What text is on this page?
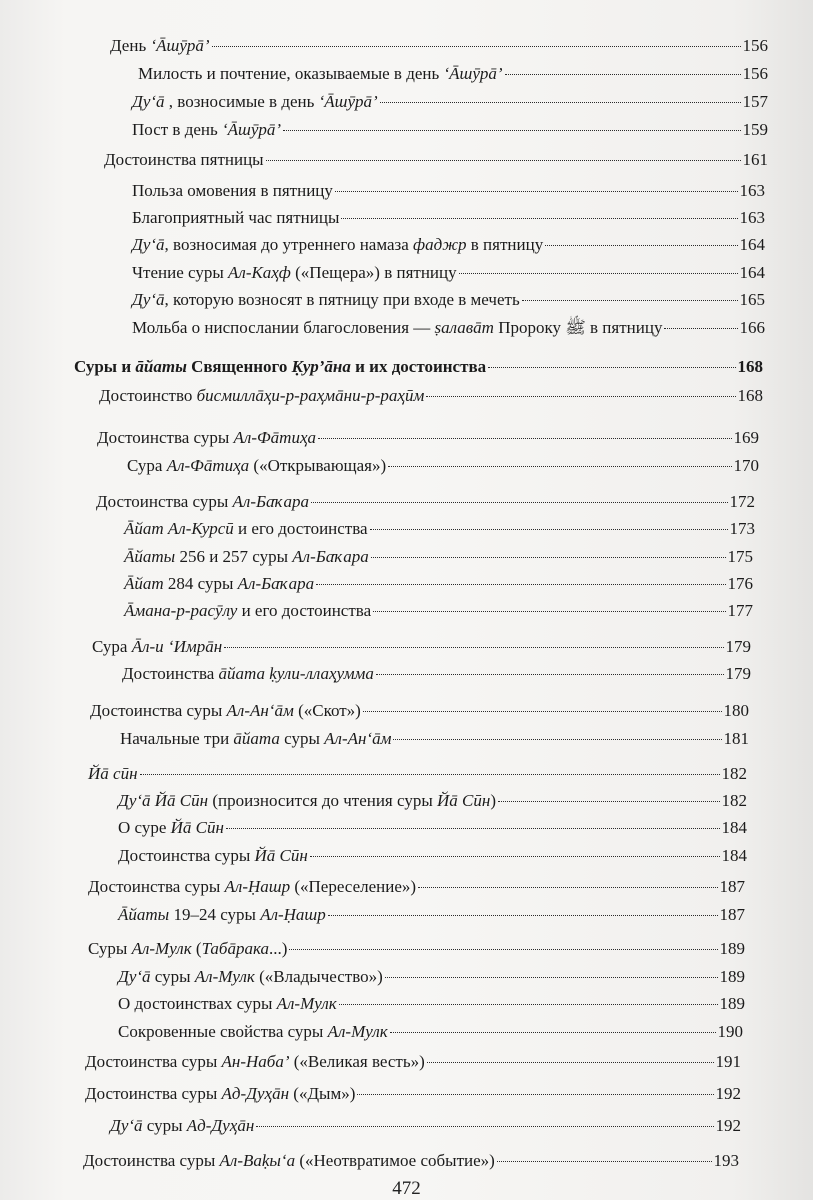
День ʻĀшӯрā’	156
Милость и почтение, оказываемые в день ʻĀшӯрā’	156
Дуʻā , возносимые в день ʻĀшӯрā’	157
Пост в день ʻĀшӯрā’	159
Достоинства пятницы	161
Польза омовения в пятницу	163
Благоприятный час пятницы	163
Дуʻā, возносимая до утреннего намаза фаджр в пятницу	164
Чтение суры Ал-Каҳф («Пещера») в пятницу	164
Дуʻā, которую возносят в пятницу при входе в мечеть	165
Мольба о ниспослании благословения — ṣалавāт Пророку ﷺ в пятницу	166
Суры и āйаты Священного Ḳур’āна и их достоинства	168
Достоинство бисмиллāҳи-р-раҳмāни-р-раҳӣм	168
Достоинства суры Ал-Фāтиҳа	169
Сура Ал-Фāтиҳа («Открывающая»)	170
Достоинства суры Ал-Баҡара	172
Āйат Ал-Курсӣ и его достоинства	173
Āйаты 256 и 257 суры Ал-Баҡара	175
Āйат 284 суры Ал-Баҡара	176
Āмана-р-расӯлу и его достоинства	177
Сура Āл-и ʻИмрāн	179
Достоинства āйата ḳули-ллаҳумма	179
Достоинства суры Ал-Анʻāм («Скот»)	180
Начальные три āйата суры Ал-Анʻāм	181
Йā сӣн	182
Дуʻā Йā Сӣн (произносится до чтения суры Йā Сӣн)	182
О суре Йā Сӣн	184
Достоинства суры Йā Сӣн	184
Достоинства суры Ал-Ḥашр («Переселение»)	187
Āйаты 19–24 суры Ал-Ḥашр	187
Суры Ал-Мулк (Табāрака...)	189
Дуʻā суры Ал-Мулк («Владычество»)	189
О достоинствах суры Ал-Мулк	189
Сокровенные свойства суры Ал-Мулк	190
Достоинства суры Ан-Наба’ («Великая весть»)	191
Достоинства суры Ад-Дуҳāн («Дым»)	192
Дуʻā суры Ад-Дуҳāн	192
Достоинства суры Ал-Ваḳыʻа («Неотвратимое событие»)	193
472
